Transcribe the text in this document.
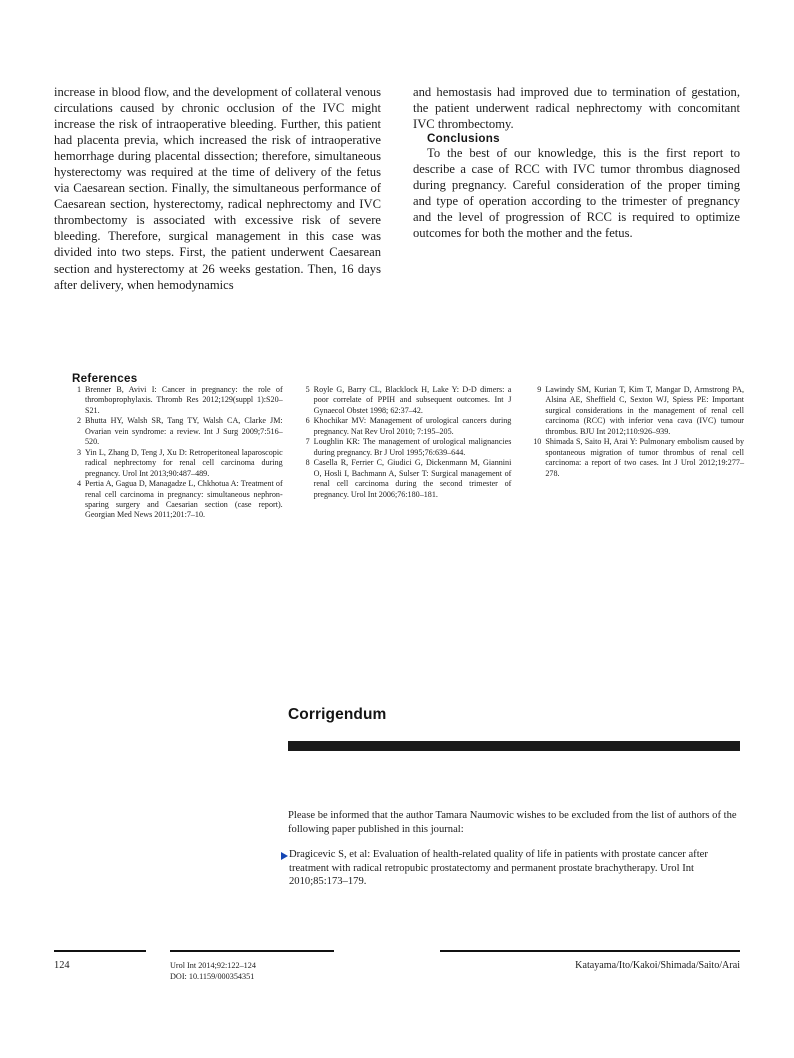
increase in blood flow, and the development of collateral venous circulations caused by chronic occlusion of the IVC might increase the risk of intraoperative bleeding. Further, this patient had placenta previa, which increased the risk of intraoperative hemorrhage during placental dissection; therefore, simultaneous hysterectomy was required at the time of delivery of the fetus via Caesarean section. Finally, the simultaneous performance of Caesarean section, hysterectomy, radical nephrectomy and IVC thrombectomy is associated with excessive risk of severe bleeding. Therefore, surgical management in this case was divided into two steps. First, the patient underwent Caesarean section and hysterectomy at 26 weeks gestation. Then, 16 days after delivery, when hemodynamics

and hemostasis had improved due to termination of gestation, the patient underwent radical nephrectomy with concomitant IVC thrombectomy.

Conclusions

To the best of our knowledge, this is the first report to describe a case of RCC with IVC tumor thrombus diagnosed during pregnancy. Careful consideration of the proper timing and type of operation according to the trimester of pregnancy and the level of progression of RCC is required to optimize outcomes for both the mother and the fetus.

References
1 Brenner B, Avivi I: Cancer in pregnancy: the role of thromboprophylaxis. Thromb Res 2012;129(suppl 1):S20–S21.
2 Bhutta HY, Walsh SR, Tang TY, Walsh CA, Clarke JM: Ovarian vein syndrome: a review. Int J Surg 2009;7:516–520.
3 Yin L, Zhang D, Teng J, Xu D: Retroperitoneal laparoscopic radical nephrectomy for renal cell carcinoma during pregnancy. Urol Int 2013;90:487–489.
4 Pertia A, Gagua D, Managadze L, Chkhotua A: Treatment of renal cell carcinoma in pregnancy: simultaneous nephron-sparing surgery and Caesarian section (case report). Georgian Med News 2011;201:7–10.
5 Royle G, Barry CL, Blacklock H, Lake Y: D-D dimers: a poor correlate of PPIH and subsequent outcomes. Int J Gynaecol Obstet 1998; 62:37–42.
6 Khochikar MV: Management of urological cancers during pregnancy. Nat Rev Urol 2010; 7:195–205.
7 Loughlin KR: The management of urological malignancies during pregnancy. Br J Urol 1995;76:639–644.
8 Casella R, Ferrier C, Giudici G, Dickenmann M, Giannini O, Hosli I, Bachmann A, Sulser T: Surgical management of renal cell carcinoma during the second trimester of pregnancy. Urol Int 2006;76:180–181.
9 Lawindy SM, Kurian T, Kim T, Mangar D, Armstrong PA, Alsina AE, Sheffield C, Sexton WJ, Spiess PE: Important surgical considerations in the management of renal cell carcinoma (RCC) with inferior vena cava (IVC) tumour thrombus. BJU Int 2012;110:926–939.
10 Shimada S, Saito H, Arai Y: Pulmonary embolism caused by spontaneous migration of tumor thrombus of renal cell carcinoma: a report of two cases. Int J Urol 2012;19:277–278.
Corrigendum

Please be informed that the author Tamara Naumovic wishes to be excluded from the list of authors of the following paper published in this journal:

Dragicevic S, et al: Evaluation of health-related quality of life in patients with prostate cancer after treatment with radical retropubic prostatectomy and permanent prostate brachytherapy. Urol Int 2010;85:173–179.
124	Urol Int 2014;92:122–124
DOI: 10.1159/000354351
Katayama/Ito/Kakoi/Shimada/Saito/Arai
